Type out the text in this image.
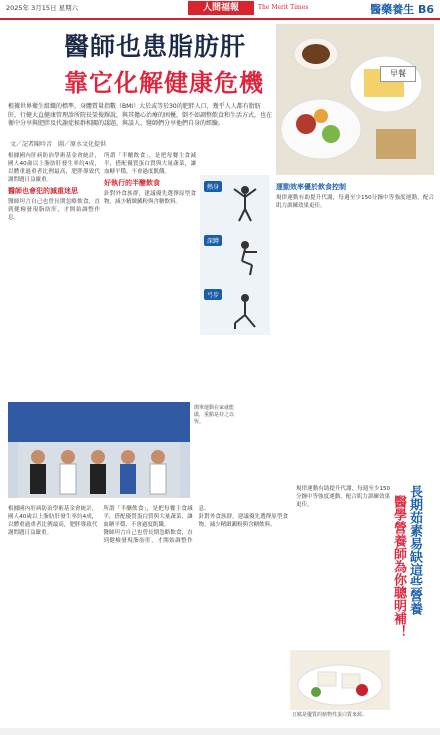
2025年 3月15日 星期六	人間福報	The Merit Times	醫藥養生 B6
醫師也患脂肪肝
靠它化解健康危機
根據世界衛生組織的標準，身體質量指數（BMI）大於或等於30的肥胖人口，幾乎人人都有脂肪肝，行健大直健康管理診所院長榮俊輝說，與其擔心治療的困擾，倒不如調整飲食和生活方式，也在衛中分享與肥胖及代謝症候群相關的議題，與談人、醫師們分享他們自身的經驗。
文／記者陳吟音　圖／原水文化提供
早餐
根據國內肝病防治學術基金會統計，國人40歲以上脂肪肝發生率約4成，以體重過重者比例最高，肥胖導致代謝問題日益嚴重。
醫師也會犯的減重迷思
醫師坦言自己也曾長期忽略飲食，直到健檢發現脂肪肝，才開始調整作息。
所謂「半醣飲食」，是把每餐主食減半，搭配優質蛋白質與大量蔬菜，讓血糖平穩，不會過度飢餓。
好執行的半醣飲食
針對外食族群，建議優先選擇原型食物，減少精緻澱粉與含糖飲料。
熱身
深蹲
弓步
運動效率優於飲食控制
規律運動有助提升代謝，每週至少150分鐘中等強度運動，配合肌力訓練效果更佳。
簡單運動在家就能做，重點是持之以恆。
根據國內肝病防治學術基金會統計，國人40歲以上脂肪肝發生率約4成，以體重過重者比例最高，肥胖導致代謝問題日益嚴重。
所謂「半醣飲食」，是把每餐主食減半，搭配優質蛋白質與大量蔬菜，讓血糖平穩，不會過度飢餓。
醫師坦言自己也曾長期忽略飲食，直到健檢發現脂肪肝，才開始調整作息。
針對外食族群，建議優先選擇原型食物，減少精緻澱粉與含糖飲料。	長期茹素易缺這些營養
醫學營養師為你聰明補！
規律運動有助提升代謝，每週至少150分鐘中等強度運動，配合肌力訓練效果更佳。
豆腐是優質的植物性蛋白質來源。
